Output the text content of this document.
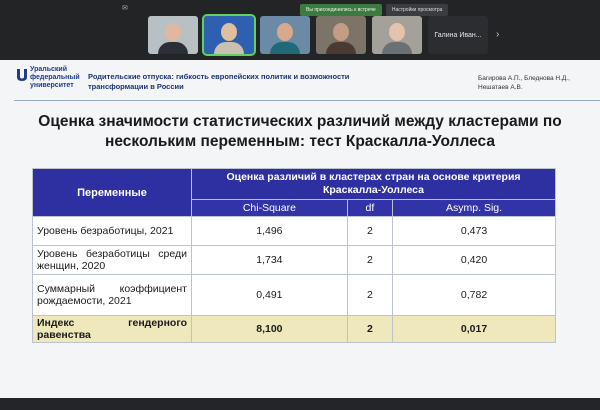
✉	Вы присоединились к встрече	Настройки просмотра
Галина Иван...	›
Уральский
федеральный
университет
Родительские отпуска: гибкость европейских политик и возможности трансформации в России
Багирова А.П., Бледнова Н.Д., Нешатаев А.В.
Оценка значимости статистических различий между кластерами по
нескольким переменным: тест Краскалла-Уоллеса
Переменные	Оценка различий в кластерах стран на основе критерия Краскалла-Уоллеса		
	Chi-Square	df	Asymp. Sig.
Уровень безработицы, 2021	1,496	2	0,473
Уровень безработицы среди женщин, 2020	1,734	2	0,420
Суммарный коэффициент рождаемости, 2021	0,491	2	0,782
Индекс гендерного равенства	8,100	2	0,017
